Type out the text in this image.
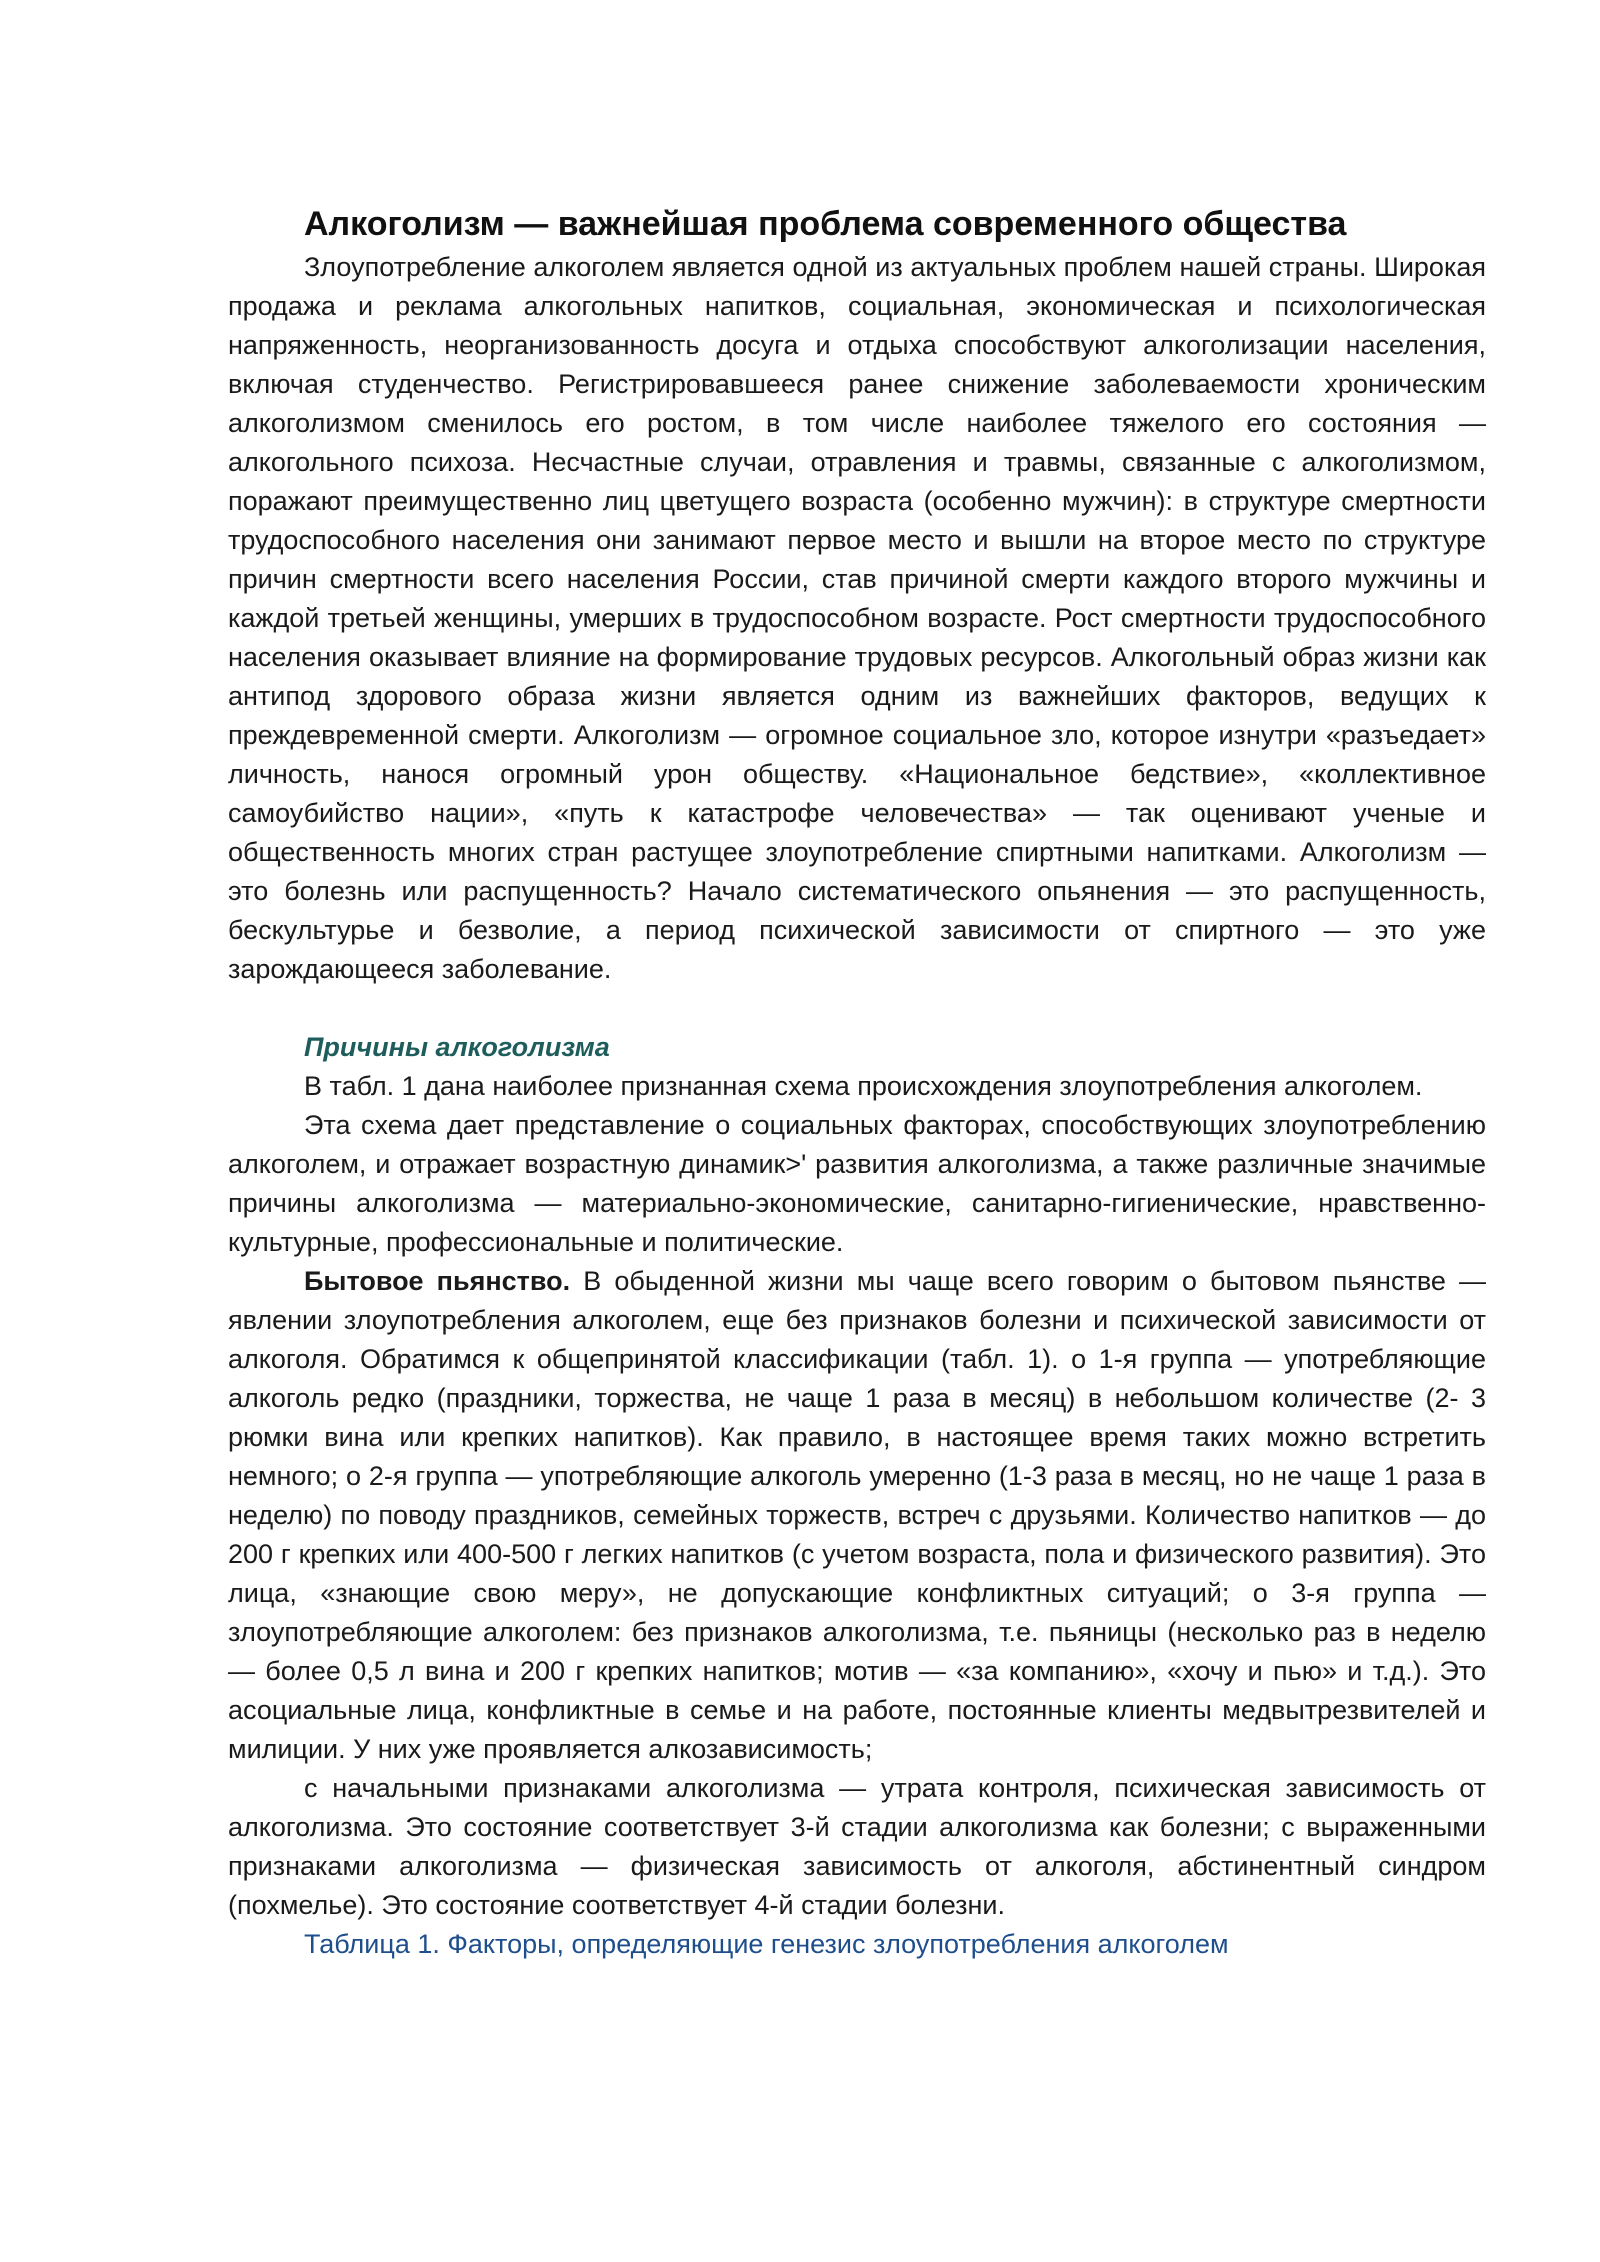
Алкоголизм — важнейшая проблема современного общества

Злоупотребление алкоголем является одной из актуальных проблем нашей страны. Широкая продажа и реклама алкогольных напитков, социальная, экономическая и психологическая напряженность, неорганизованность досуга и отдыха способствуют алкоголизации населения, включая студенчество. Регистрировавшееся ранее снижение заболеваемости хроническим алкоголизмом сменилось его ростом, в том числе наиболее тяжелого его состояния — алкогольного психоза. Несчастные случаи, отравления и травмы, связанные с алкоголизмом, поражают преимущественно лиц цветущего возраста (особенно мужчин): в структуре смертности трудоспособного населения они занимают первое место и вышли на второе место по структуре причин смертности всего населения России, став причиной смерти каждого второго мужчины и каждой третьей женщины, умерших в трудоспособном возрасте. Рост смертности трудоспособного населения оказывает влияние на формирование трудовых ресурсов. Алкогольный образ жизни как антипод здорового образа жизни является одним из важнейших факторов, ведущих к преждевременной смерти. Алкоголизм — огромное социальное зло, которое изнутри «разъедает» личность, нанося огромный урон обществу. «Национальное бедствие», «коллективное самоубийство нации», «путь к катастрофе человечества» — так оценивают ученые и общественность многих стран растущее злоупотребление спиртными напитками. Алкоголизм — это болезнь или распущенность? Начало систематического опьянения — это распущенность, бескультурье и безволие, а период психической зависимости от спиртного — это уже зарождающееся заболевание.

Причины алкоголизма

В табл. 1 дана наиболее признанная схема происхождения злоупотребления алкоголем.

Эта схема дает представление о социальных факторах, способствующих злоупотреблению алкоголем, и отражает возрастную динамик>' развития алкоголизма, а также различные значимые причины алкоголизма — материально-экономические, санитарно-гигиенические, нравственно-культурные, профессиональные и политические.

Бытовое пьянство. В обыденной жизни мы чаще всего говорим о бытовом пьянстве — явлении злоупотребления алкоголем, еще без признаков болезни и психической зависимости от алкоголя. Обратимся к общепринятой классификации (табл. 1). о 1-я группа — употребляющие алкоголь редко (праздники, торжества, не чаще 1 раза в месяц) в небольшом количестве (2- 3 рюмки вина или крепких напитков). Как правило, в настоящее время таких можно встретить немного; о 2-я группа — употребляющие алкоголь умеренно (1-3 раза в месяц, но не чаще 1 раза в неделю) по поводу праздников, семейных торжеств, встреч с друзьями. Количество напитков — до 200 г крепких или 400-500 г легких напитков (с учетом возраста, пола и физического развития). Это лица, «знающие свою меру», не допускающие конфликтных ситуаций; о 3-я группа — злоупотребляющие алкоголем: без признаков алкоголизма, т.е. пьяницы (несколько раз в неделю — более 0,5 л вина и 200 г крепких напитков; мотив — «за компанию», «хочу и пью» и т.д.). Это асоциальные лица, конфликтные в семье и на работе, постоянные клиенты медвытрезвителей и милиции. У них уже проявляется алкозависимость;

с начальными признаками алкоголизма — утрата контроля, психическая зависимость от алкоголизма. Это состояние соответствует 3-й стадии алкоголизма как болезни; с выраженными признаками алкоголизма — физическая зависимость от алкоголя, абстинентный синдром (похмелье). Это состояние соответствует 4-й стадии болезни.

Таблица 1. Факторы, определяющие генезис злоупотребления алкоголем
